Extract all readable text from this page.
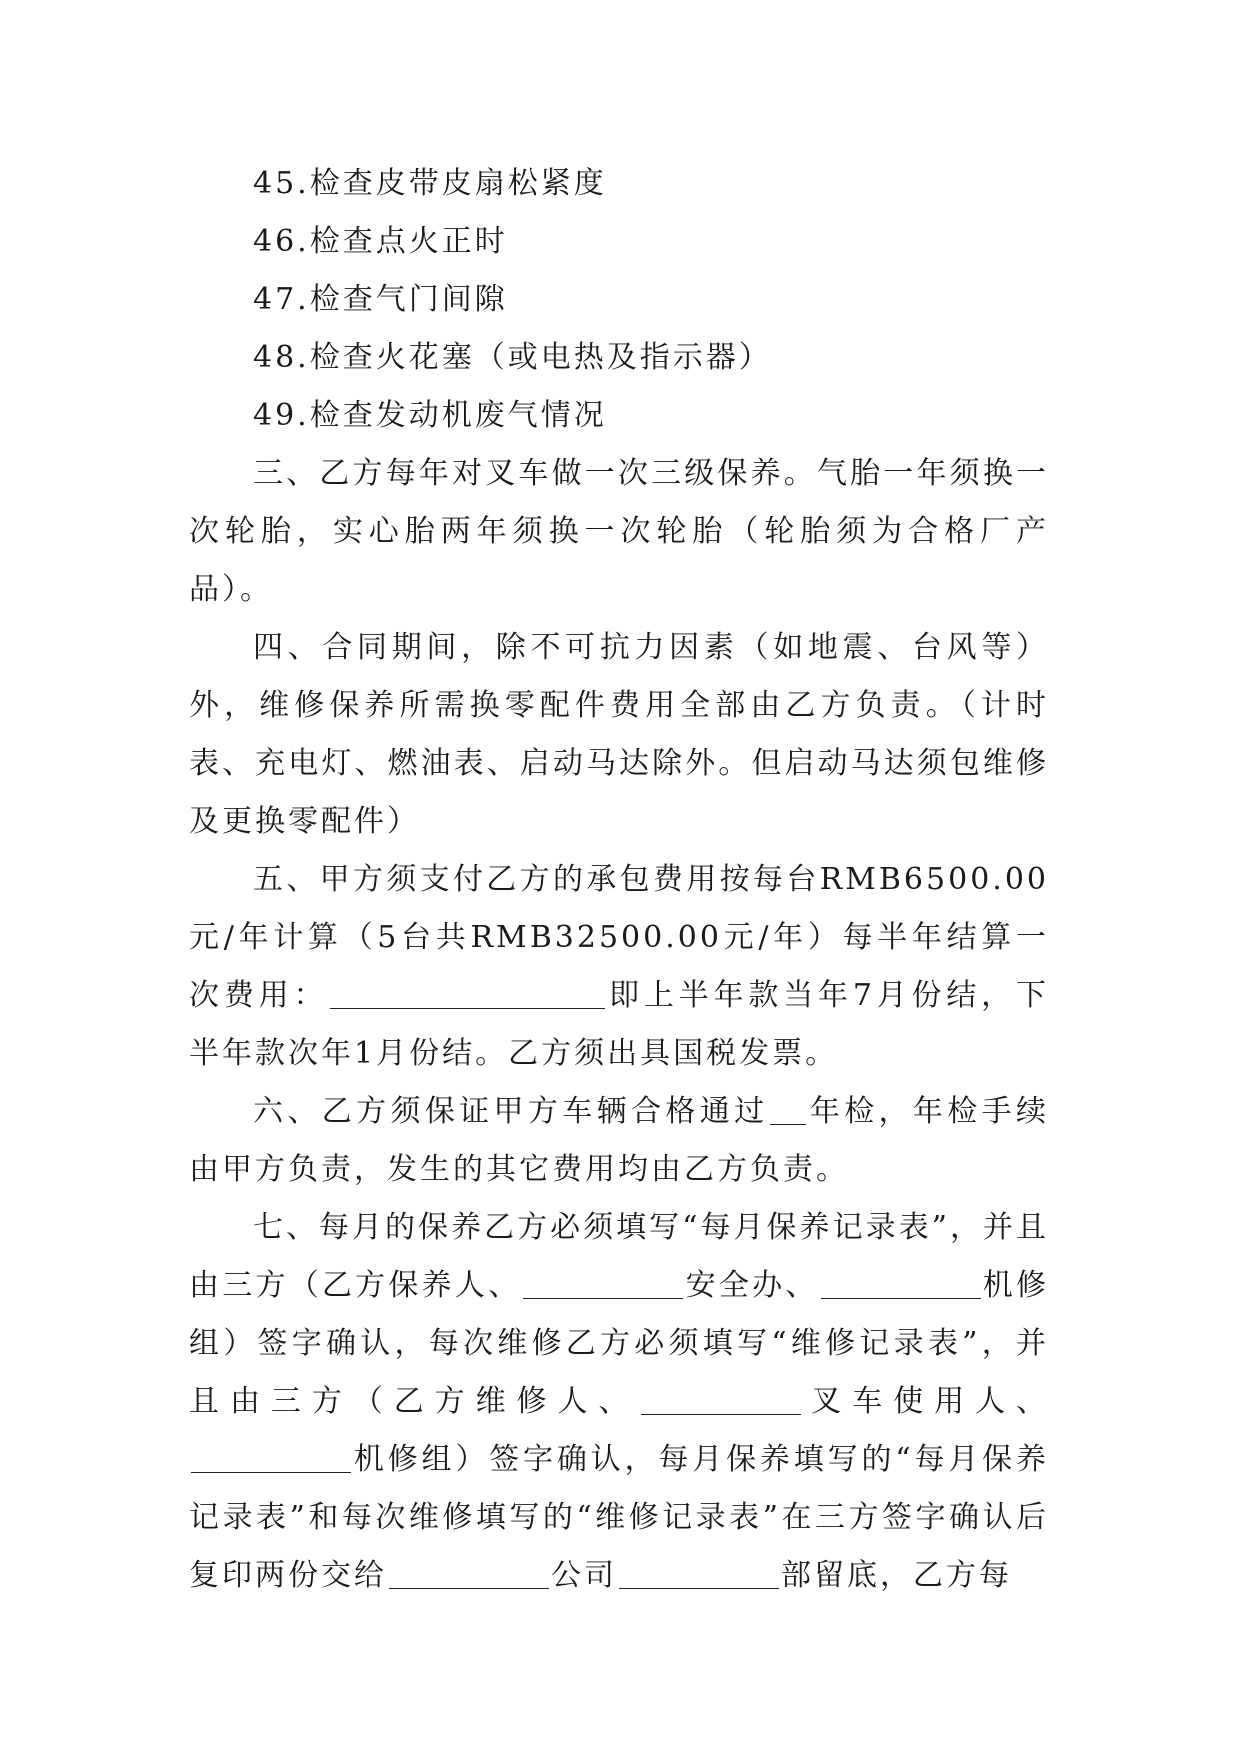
45.检查皮带皮扇松紧度

46.检查点火正时

47.检查气门间隙

48.检查火花塞（或电热及指示器）

49.检查发动机废气情况

三、乙方每年对叉车做一次三级保养。气胎一年须换一次轮胎，实心胎两年须换一次轮胎（轮胎须为合格厂产品）。

四、合同期间，除不可抗力因素（如地震、台风等）外，维修保养所需换零配件费用全部由乙方负责。（计时表、充电灯、燃油表、启动马达除外。但启动马达须包维修及更换零配件）

五、甲方须支付乙方的承包费用按每台RMB6500.00元/年计算（5台共RMB32500.00元/年）每半年结算一次费用：	即上半年款当年7月份结，下半年款次年1月份结。乙方须出具国税发票。

六、乙方须保证甲方车辆合格通过 年检，年检手续由甲方负责，发生的其它费用均由乙方负责。

七、每月的保养乙方必须填写“每月保养记录表”，并且由三方（乙方保养人、	安全办、	机修组）签字确认，每次维修乙方必须填写“维修记录表”，并且由三方（乙方维修人、	叉车使用人、机修组）签字确认，每月保养填写的“每月保养记录表”和每次维修填写的“维修记录表”在三方签字确认后复印两份交给	公司	部留底，乙方每
